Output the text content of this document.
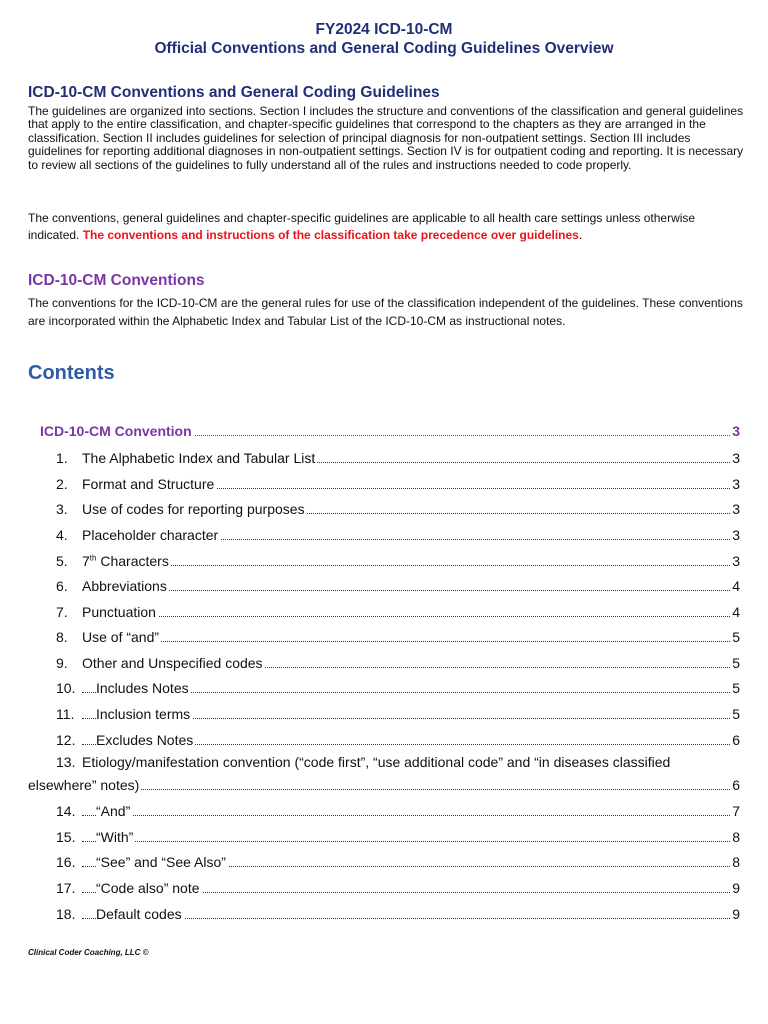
FY2024 ICD-10-CM

Official Conventions and General Coding Guidelines Overview

ICD-10-CM Conventions and General Coding Guidelines

The guidelines are organized into sections. Section I includes the structure and conventions of the classification and general guidelines that apply to the entire classification, and chapter-specific guidelines that correspond to the chapters as they are arranged in the classification. Section II includes guidelines for selection of principal diagnosis for non-outpatient settings. Section III includes guidelines for reporting additional diagnoses in non-outpatient settings. Section IV is for outpatient coding and reporting. It is necessary to review all sections of the guidelines to fully understand all of the rules and instructions needed to code properly.

The conventions, general guidelines and chapter-specific guidelines are applicable to all health care settings unless otherwise indicated. The conventions and instructions of the classification take precedence over guidelines.

ICD-10-CM Conventions

The conventions for the ICD-10-CM are the general rules for use of the classification independent of the guidelines. These conventions are incorporated within the Alphabetic Index and Tabular List of the ICD-10-CM as instructional notes.

Contents
ICD-10-CM Convention	3
1. The Alphabetic Index and Tabular List	3
2. Format and Structure	3
3. Use of codes for reporting purposes	3
4. Placeholder character	3
5. 7th Characters	3
6. Abbreviations	4
7. Punctuation	4
8. Use of “and”	5
9. Other and Unspecified codes	5
10. Includes Notes	5
11. Inclusion terms	5
12. Excludes Notes	6
13. Etiology/manifestation convention (“code first”, “use additional code” and “in diseases classified
elsewhere” notes)	6
14. “And”	7
15. “With”	8
16. “See” and “See Also”	8
17. “Code also” note	9
18. Default codes	9

Clinical Coder Coaching, LLC ©
